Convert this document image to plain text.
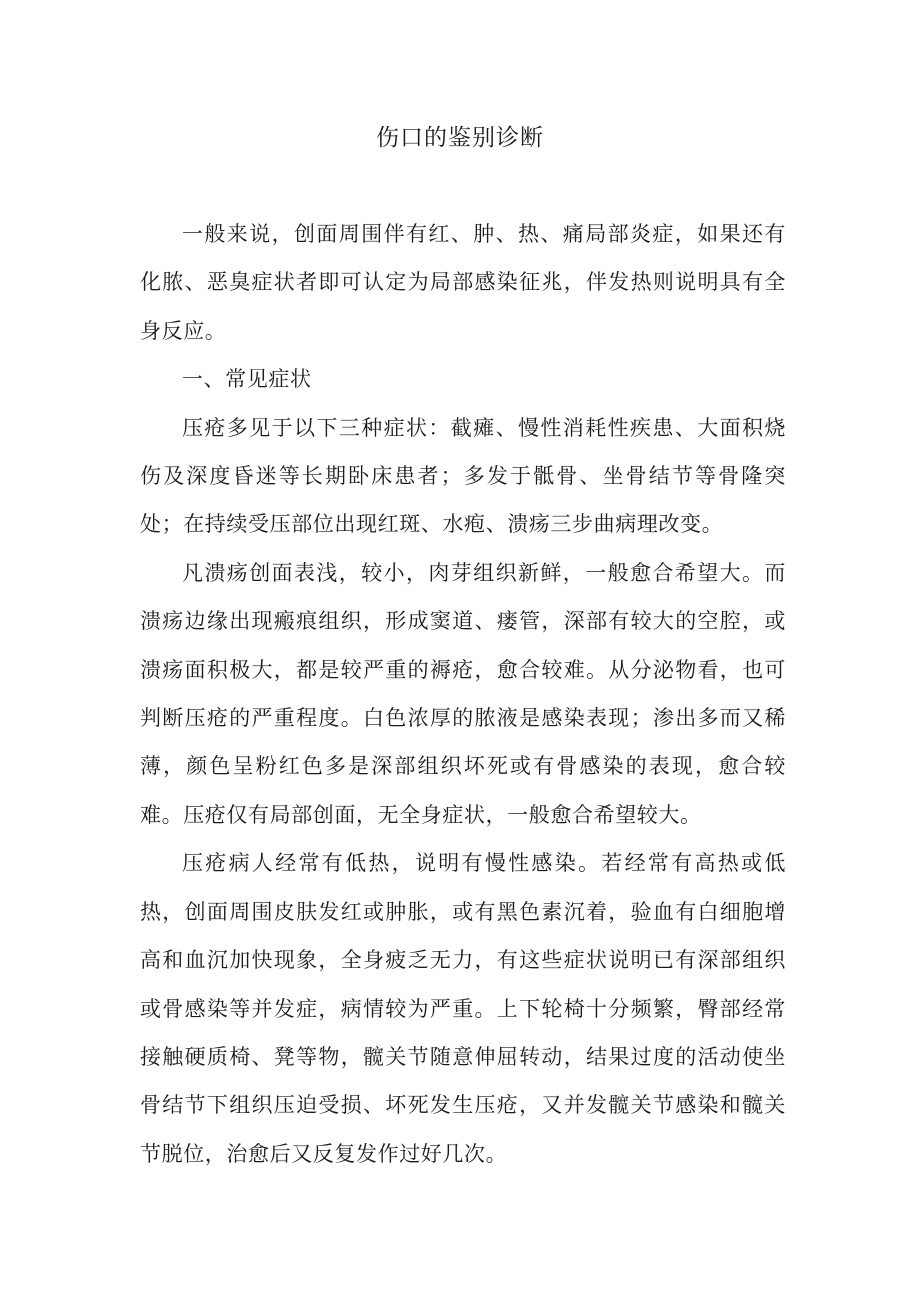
伤口的鉴别诊断

一般来说，创面周围伴有红、肿、热、痛局部炎症，如果还有化脓、恶臭症状者即可认定为局部感染征兆，伴发热则说明具有全身反应。

一、常见症状

压疮多见于以下三种症状：截瘫、慢性消耗性疾患、大面积烧伤及深度昏迷等长期卧床患者；多发于骶骨、坐骨结节等骨隆突处；在持续受压部位出现红斑、水疱、溃疡三步曲病理改变。

凡溃疡创面表浅，较小，肉芽组织新鲜，一般愈合希望大。而溃疡边缘出现瘢痕组织，形成窦道、瘘管，深部有较大的空腔，或溃疡面积极大，都是较严重的褥疮，愈合较难。从分泌物看，也可判断压疮的严重程度。白色浓厚的脓液是感染表现；渗出多而又稀薄，颜色呈粉红色多是深部组织坏死或有骨感染的表现，愈合较难。压疮仅有局部创面，无全身症状，一般愈合希望较大。

压疮病人经常有低热，说明有慢性感染。若经常有高热或低热，创面周围皮肤发红或肿胀，或有黑色素沉着，验血有白细胞增高和血沉加快现象，全身疲乏无力，有这些症状说明已有深部组织或骨感染等并发症，病情较为严重。上下轮椅十分频繁，臀部经常接触硬质椅、凳等物，髋关节随意伸屈转动，结果过度的活动使坐骨结节下组织压迫受损、坏死发生压疮，又并发髋关节感染和髋关节脱位，治愈后又反复发作过好几次。
